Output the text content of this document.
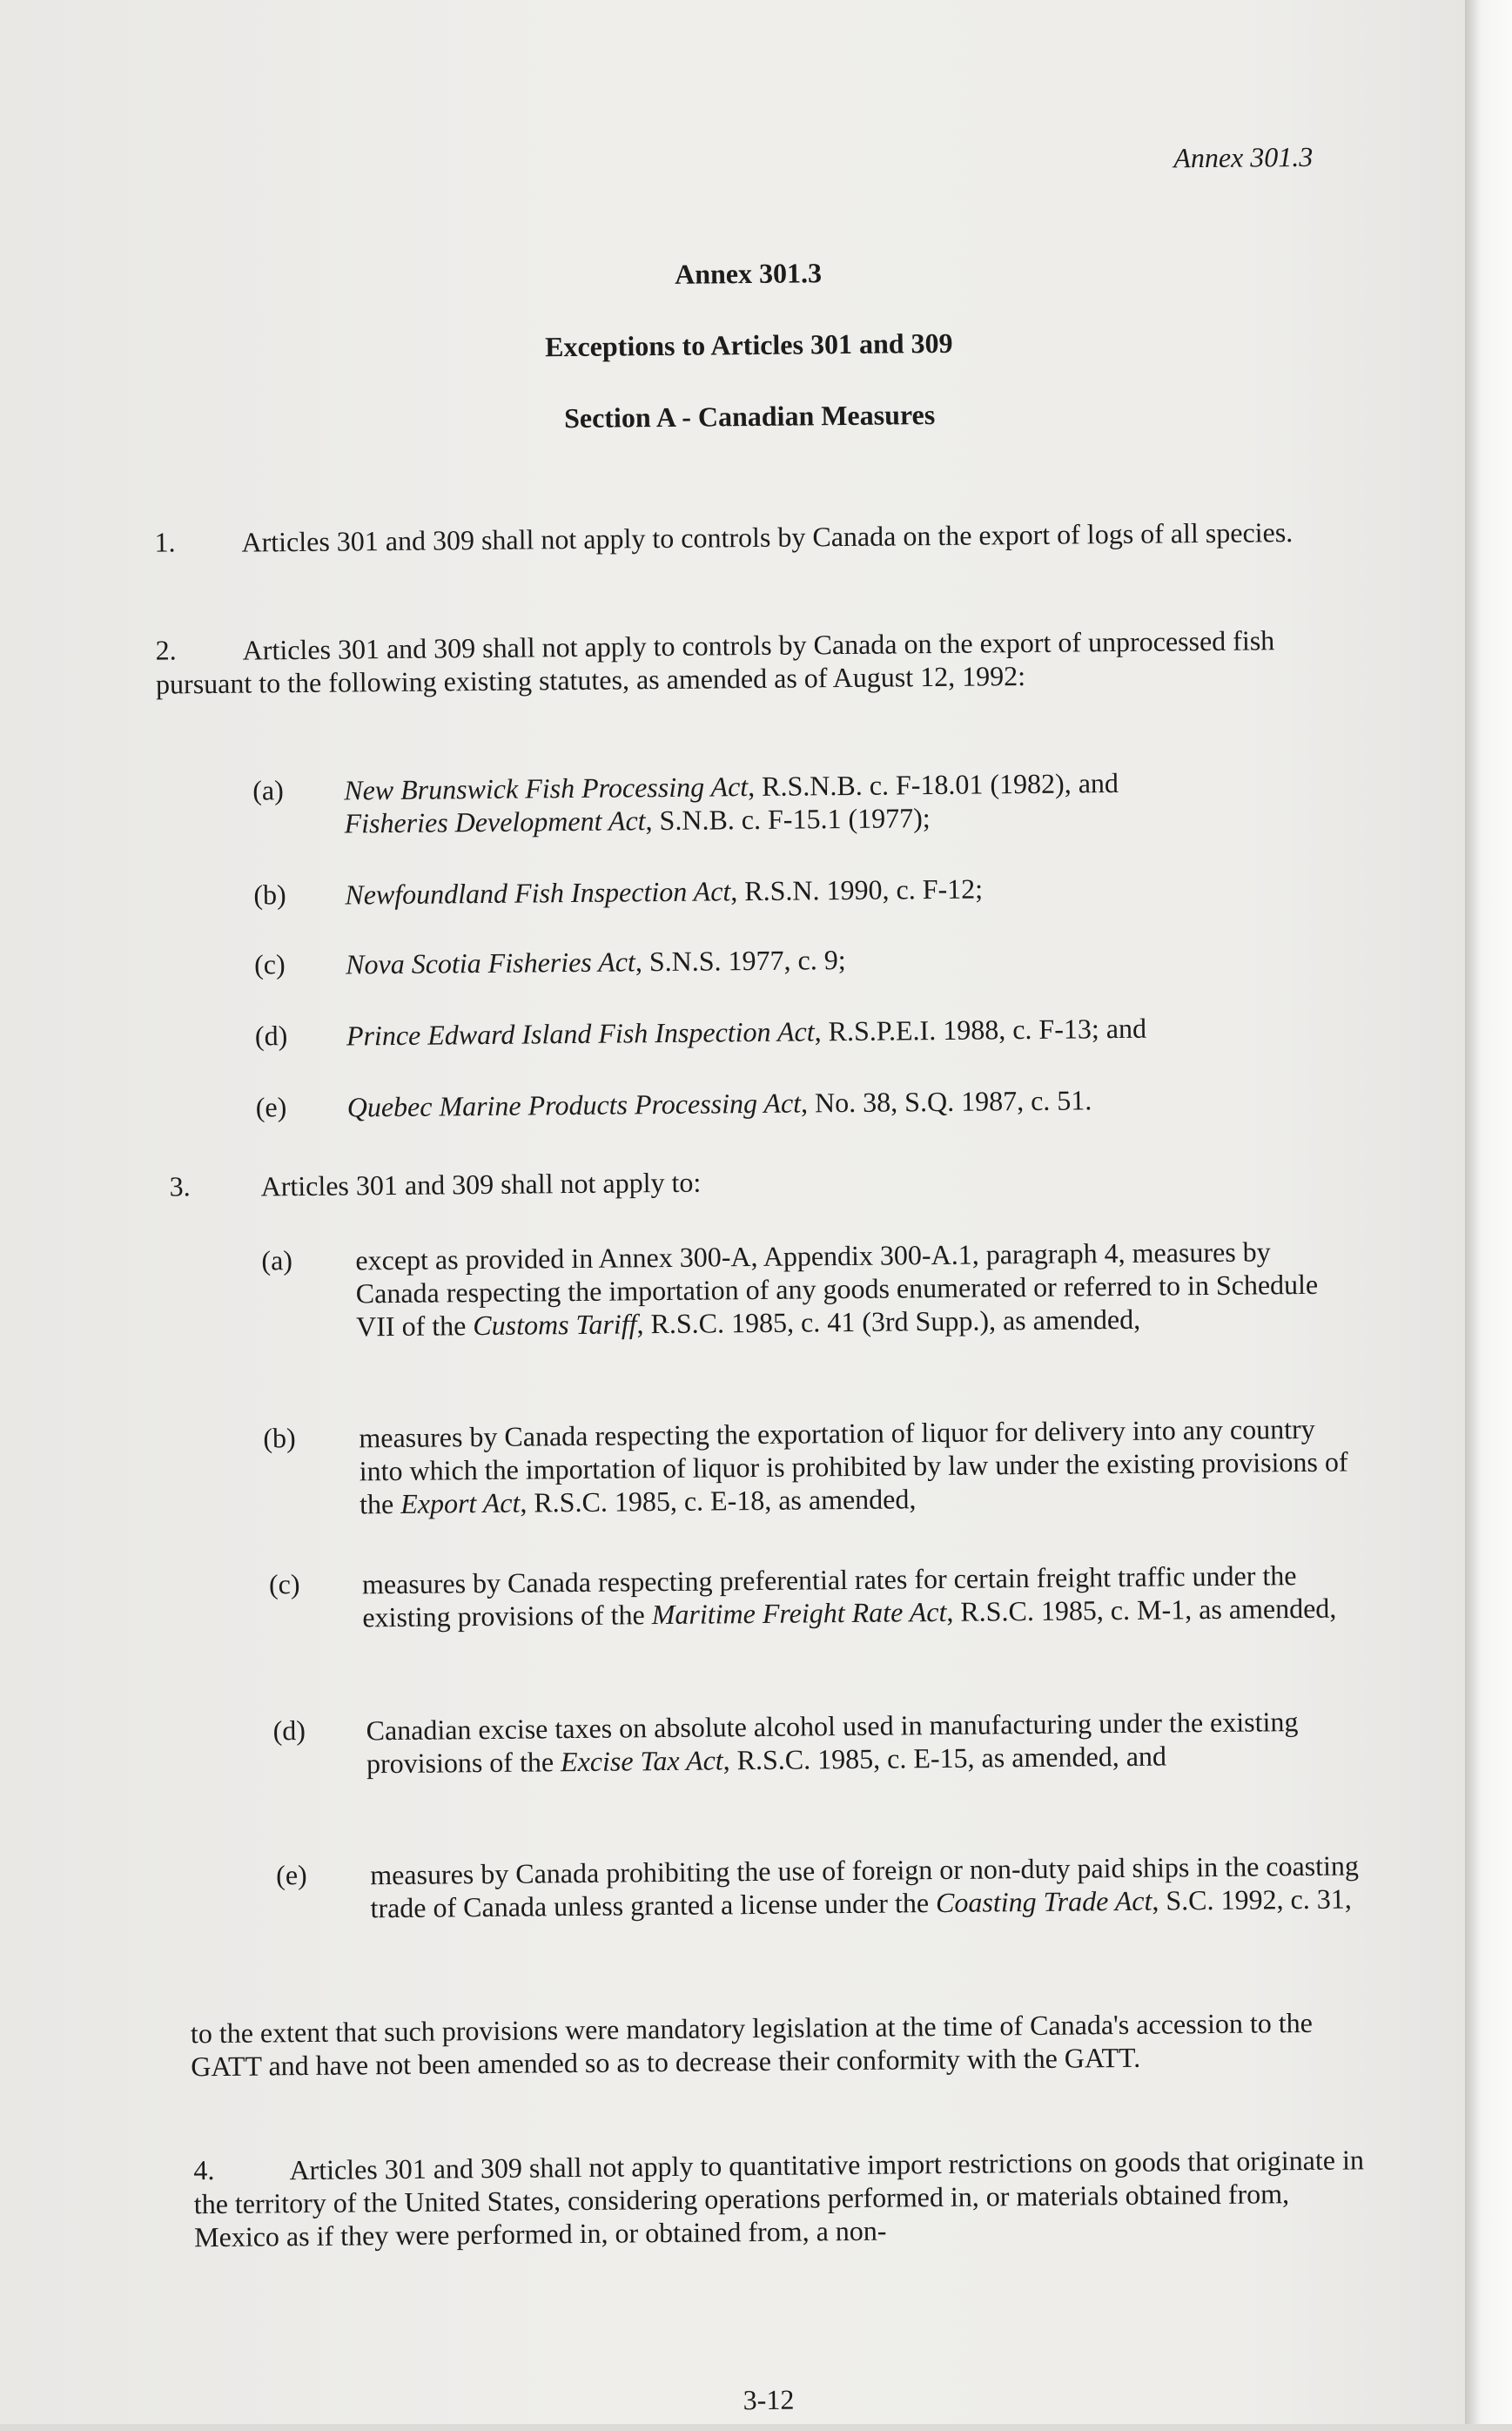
Annex 301.3

Annex 301.3

Exceptions to Articles 301 and 309

Section A - Canadian Measures

1.	Articles 301 and 309 shall not apply to controls by Canada on the export of logs of all species.

2.	Articles 301 and 309 shall not apply to controls by Canada on the export of unprocessed fish pursuant to the following existing statutes, as amended as of August 12, 1992:

(a) New Brunswick Fish Processing Act, R.S.N.B. c. F-18.01 (1982), and
Fisheries Development Act, S.N.B. c. F-15.1 (1977);

(b) Newfoundland Fish Inspection Act, R.S.N. 1990, c. F-12;

(c) Nova Scotia Fisheries Act, S.N.S. 1977, c. 9;

(d) Prince Edward Island Fish Inspection Act, R.S.P.E.I. 1988, c. F-13; and

(e) Quebec Marine Products Processing Act, No. 38, S.Q. 1987, c. 51.

3.	Articles 301 and 309 shall not apply to:

(a) except as provided in Annex 300-A, Appendix 300-A.1, paragraph 4, measures by Canada respecting the importation of any goods enumerated or referred to in Schedule VII of the Customs Tariff, R.S.C. 1985, c. 41 (3rd Supp.), as amended,

(b) measures by Canada respecting the exportation of liquor for delivery into any country into which the importation of liquor is prohibited by law under the existing provisions of the Export Act, R.S.C. 1985, c. E-18, as amended,

(c) measures by Canada respecting preferential rates for certain freight traffic under the existing provisions of the Maritime Freight Rate Act, R.S.C. 1985, c. M-1, as amended,

(d) Canadian excise taxes on absolute alcohol used in manufacturing under the existing provisions of the Excise Tax Act, R.S.C. 1985, c. E-15, as amended, and

(e) measures by Canada prohibiting the use of foreign or non-duty paid ships in the coasting trade of Canada unless granted a license under the Coasting Trade Act, S.C. 1992, c. 31,

to the extent that such provisions were mandatory legislation at the time of Canada's accession to the GATT and have not been amended so as to decrease their conformity with the GATT.

4.	Articles 301 and 309 shall not apply to quantitative import restrictions on goods that originate in the territory of the United States, considering operations performed in, or materials obtained from, Mexico as if they were performed in, or obtained from, a non-

3-12
